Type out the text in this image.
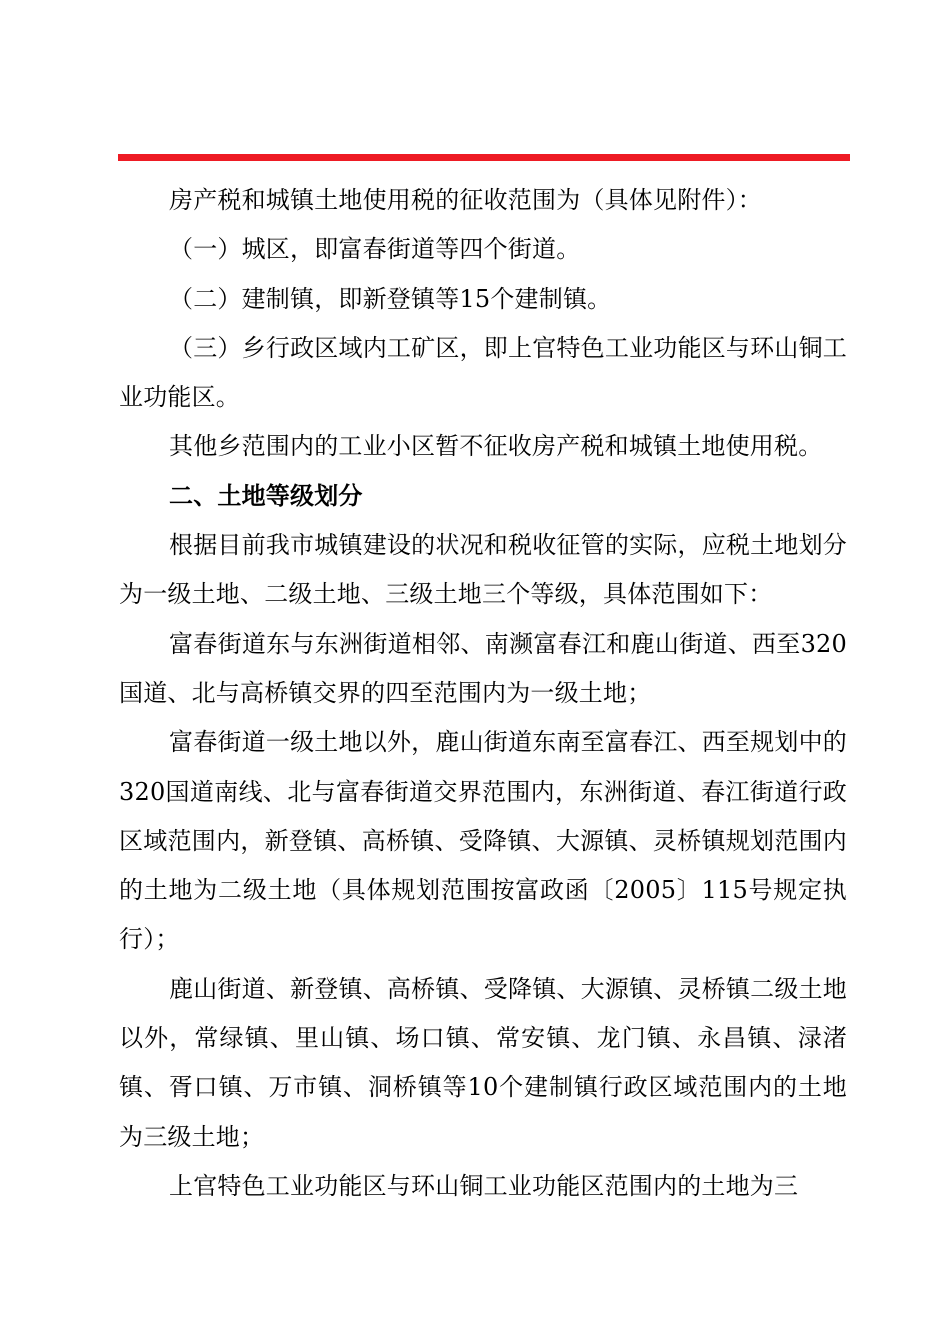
房产税和城镇土地使用税的征收范围为（具体见附件）：

（一）城区，即富春街道等四个街道。

（二）建制镇，即新登镇等15个建制镇。

（三）乡行政区域内工矿区，即上官特色工业功能区与环山铜工业功能区。

其他乡范围内的工业小区暂不征收房产税和城镇土地使用税。

二、土地等级划分

根据目前我市城镇建设的状况和税收征管的实际，应税土地划分为一级土地、二级土地、三级土地三个等级，具体范围如下：

富春街道东与东洲街道相邻、南濒富春江和鹿山街道、西至320国道、北与高桥镇交界的四至范围内为一级土地；

富春街道一级土地以外，鹿山街道东南至富春江、西至规划中的320国道南线、北与富春街道交界范围内，东洲街道、春江街道行政区域范围内，新登镇、高桥镇、受降镇、大源镇、灵桥镇规划范围内的土地为二级土地（具体规划范围按富政函〔2005〕115号规定执行）；

鹿山街道、新登镇、高桥镇、受降镇、大源镇、灵桥镇二级土地以外，常绿镇、里山镇、场口镇、常安镇、龙门镇、永昌镇、渌渚镇、胥口镇、万市镇、洞桥镇等10个建制镇行政区域范围内的土地为三级土地；

上官特色工业功能区与环山铜工业功能区范围内的土地为三
